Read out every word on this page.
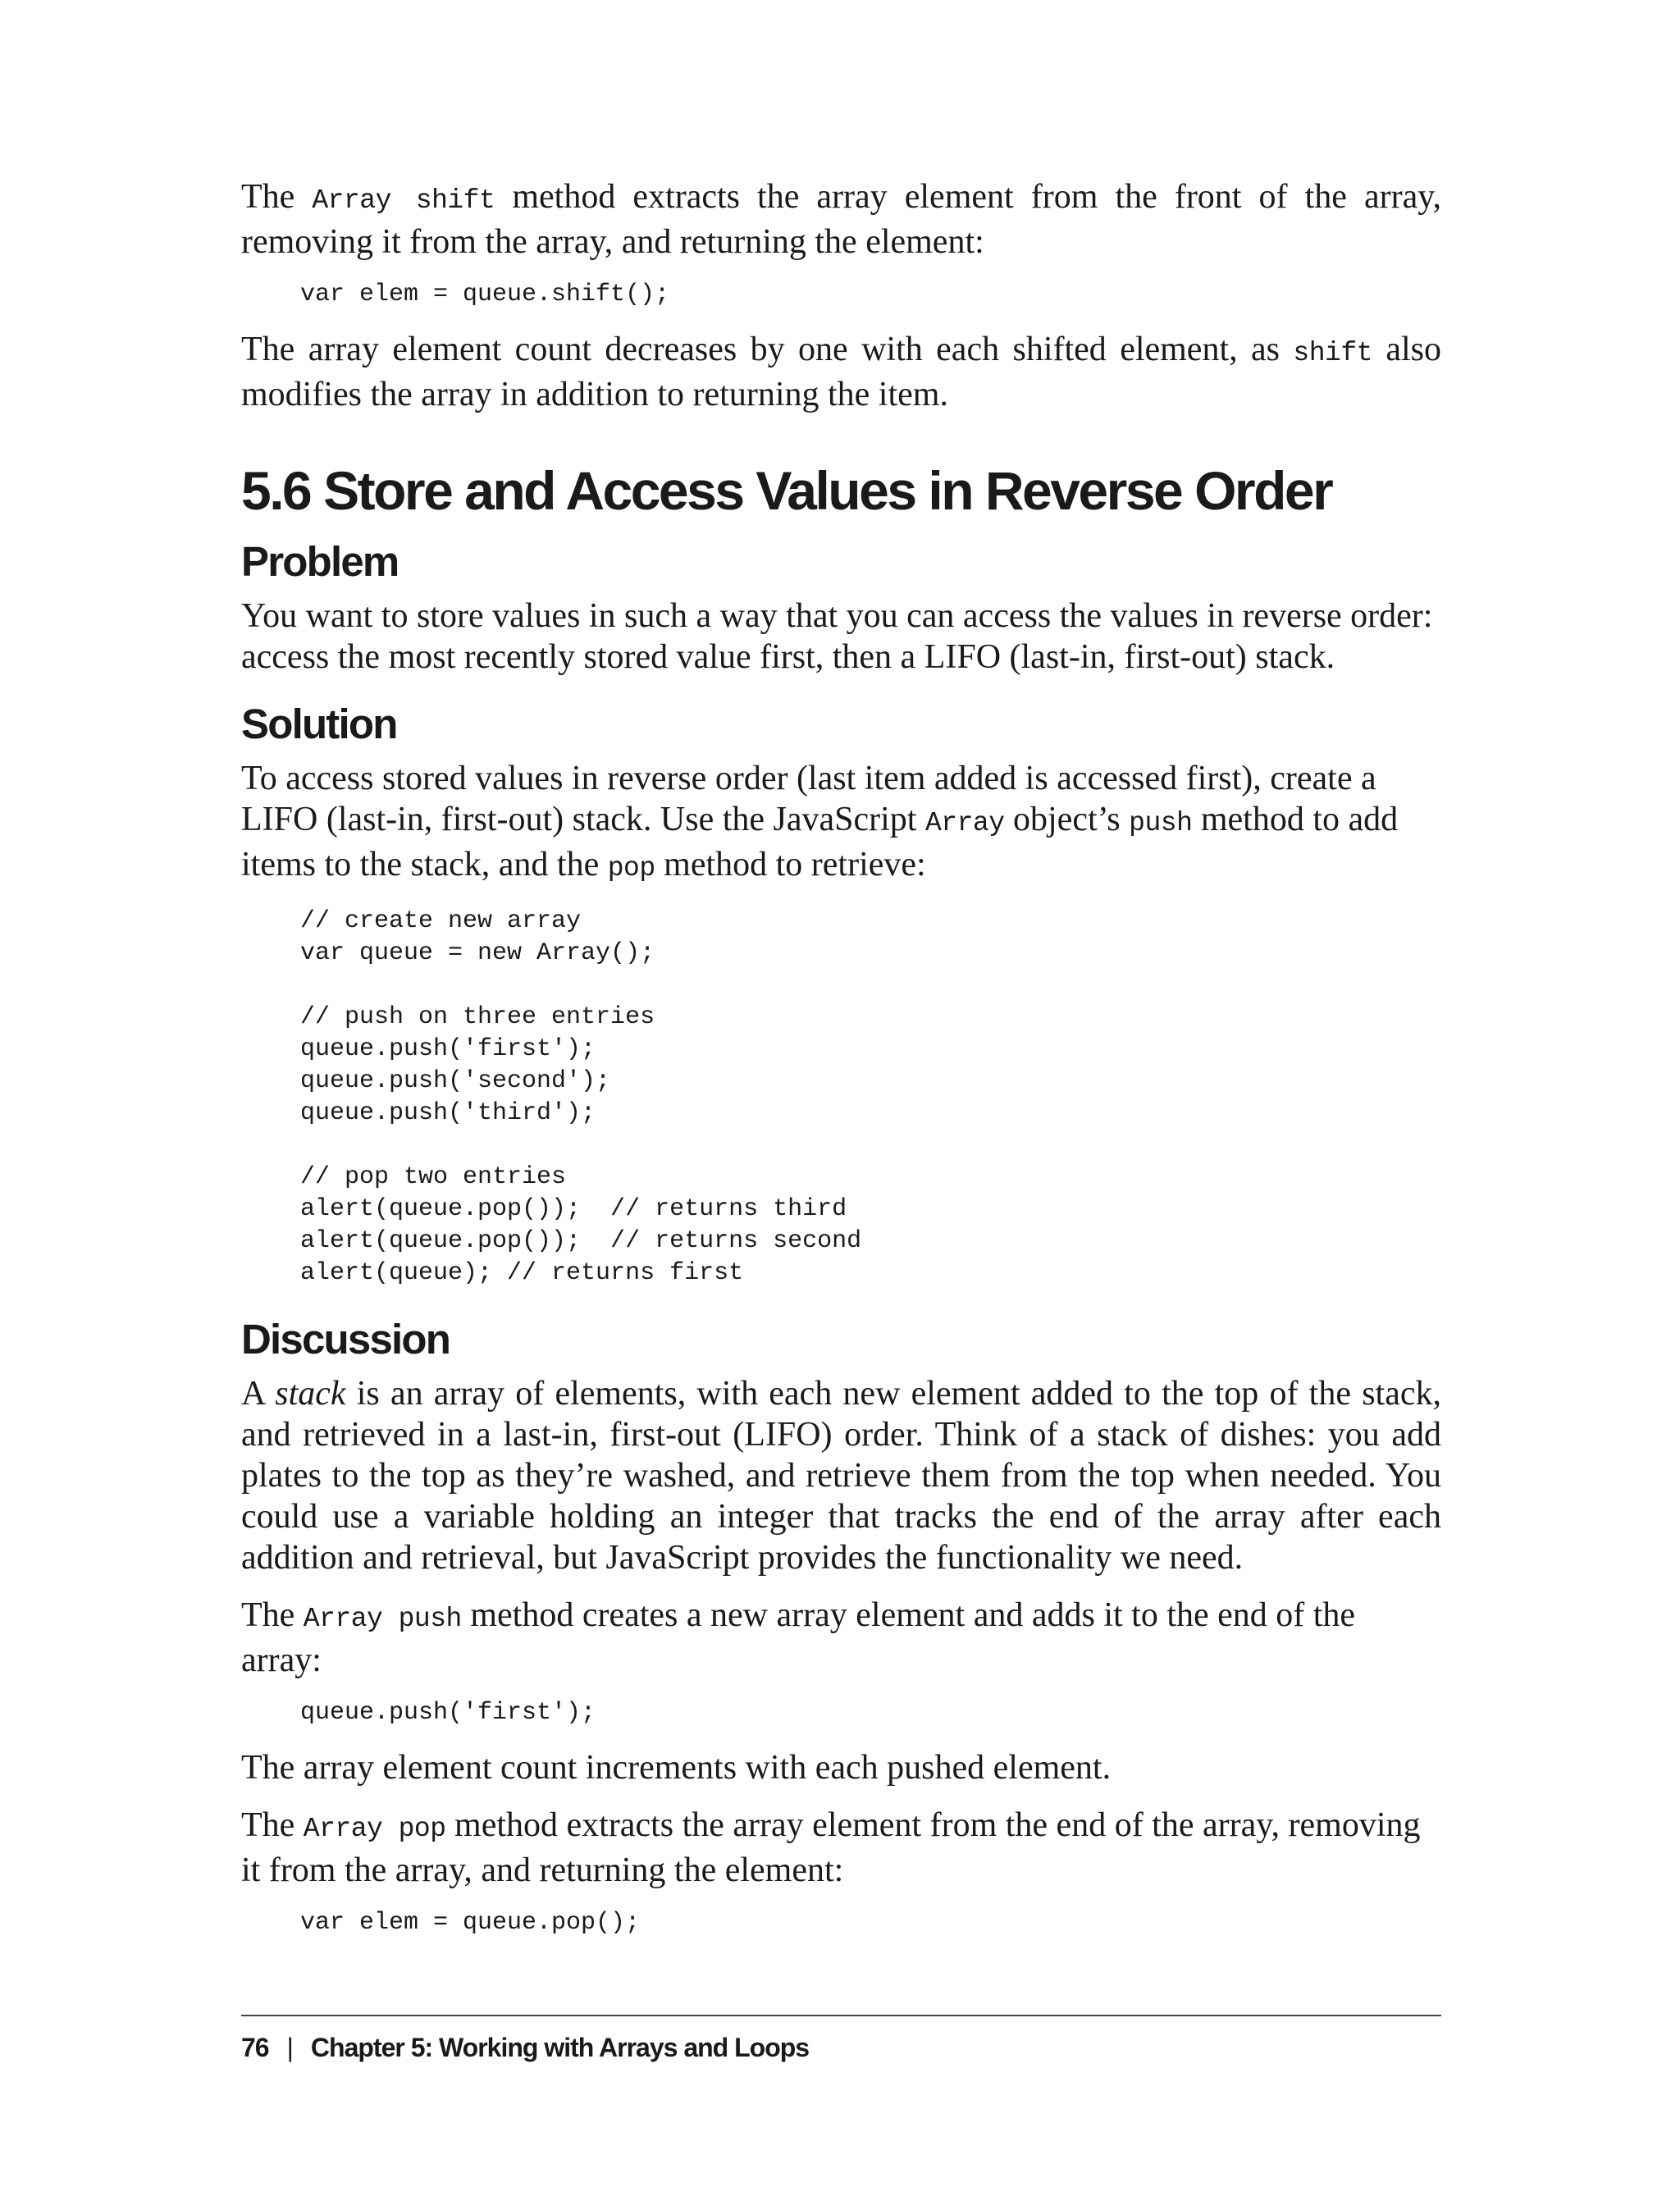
The Array shift method extracts the array element from the front of the array, removing it from the array, and returning the element:

var elem = queue.shift();

The array element count decreases by one with each shifted element, as shift also modifies the array in addition to returning the item.

5.6 Store and Access Values in Reverse Order
Problem

You want to store values in such a way that you can access the values in reverse order: access the most recently stored value first, then a LIFO (last-in, first-out) stack.

Solution

To access stored values in reverse order (last item added is accessed first), create a LIFO (last-in, first-out) stack. Use the JavaScript Array object’s push method to add items to the stack, and the pop method to retrieve:

// create new array
var queue = new Array();

// push on three entries
queue.push('first');
queue.push('second');
queue.push('third');

// pop two entries
alert(queue.pop());  // returns third
alert(queue.pop());  // returns second
alert(queue); // returns first
Discussion

A stack is an array of elements, with each new element added to the top of the stack, and retrieved in a last-in, first-out (LIFO) order. Think of a stack of dishes: you add plates to the top as they’re washed, and retrieve them from the top when needed. You could use a variable holding an integer that tracks the end of the array after each addition and retrieval, but JavaScript provides the functionality we need.

The Array push method creates a new array element and adds it to the end of the array:

queue.push('first');

The array element count increments with each pushed element.

The Array pop method extracts the array element from the end of the array, removing it from the array, and returning the element:

var elem = queue.pop();
76 | Chapter 5: Working with Arrays and Loops
